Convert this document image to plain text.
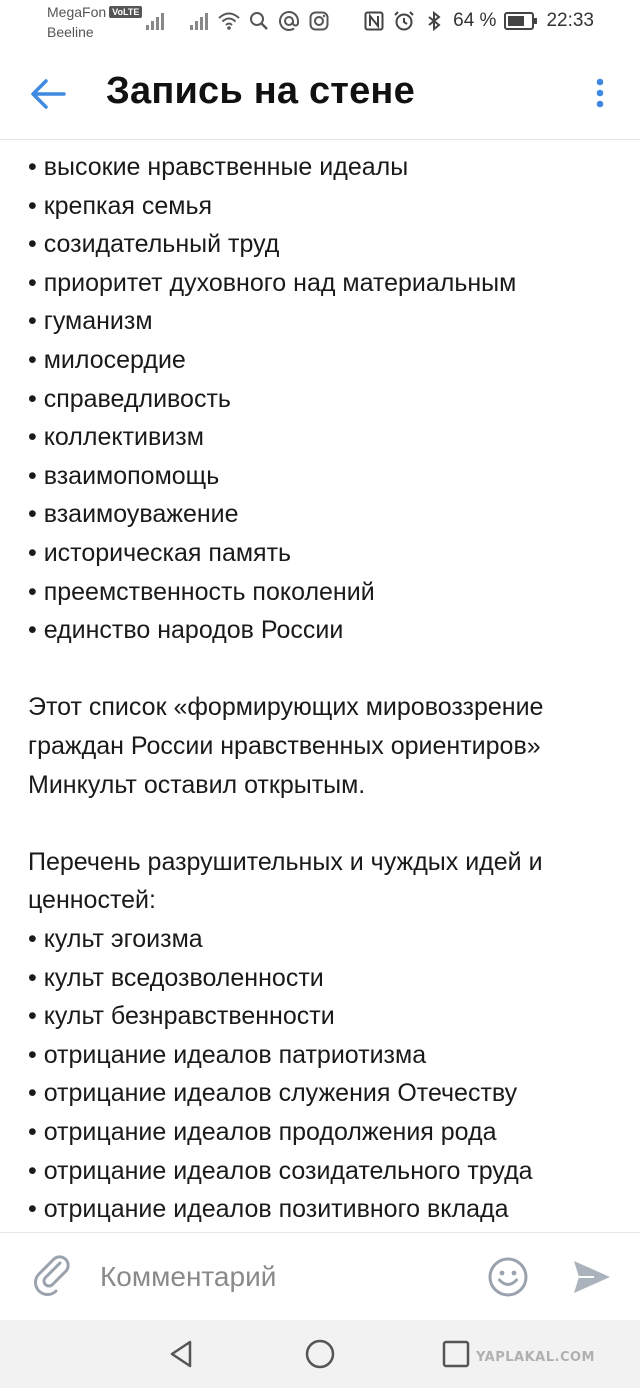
MegaFon VoLTE
Beeline
64 %	22:33
Запись на стене
• высокие нравственные идеалы
• крепкая семья
• созидательный труд
• приоритет духовного над материальным
• гуманизм
• милосердие
• справедливость
• коллективизм
• взаимопомощь
• взаимоуважение
• историческая память
• преемственность поколений
• единство народов России
Этот список «формирующих мировоззрение
граждан России нравственных ориентиров»
Минкульт оставил открытым.
Перечень разрушительных и чуждых идей и
ценностей:
• культ эгоизма
• культ вседозволенности
• культ безнравственности
• отрицание идеалов патриотизма
• отрицание идеалов служения Отечеству
• отрицание идеалов продолжения рода
• отрицание идеалов созидательного труда
• отрицание идеалов позитивного вклада
Комментарий
YAPLAKAL.COM
